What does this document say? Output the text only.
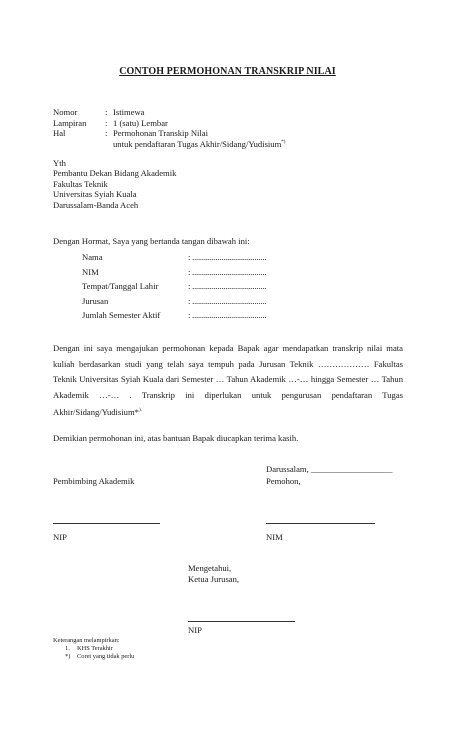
CONTOH PERMOHONAN TRANSKRIP NILAI
Nomor	: Istimewa
Lampiran	: 1 (satu) Lembar
Hal	: Permohonan Transkip Nilai
untuk pendaftaran Tugas Akhir/Sidang/Yudisium*)
Yth
Pembantu Dekan Bidang Akademik
Fakultas Teknik
Universitas Syiah Kuala
Darussalam-Banda Aceh
Dengan Hormat, Saya yang bertanda tangan dibawah ini:
Nama	: ......................................
NIM	: ......................................
Tempat/Tanggal Lahir	: ......................................
Jurusan	: ......................................
Jumlah Semester Aktif	: ......................................
Dengan ini saya mengajukan permohonan kepada Bapak agar mendapatkan transkrip nilai mata kuliah berdasarkan studi yang telah saya tempuh pada Jurusan Teknik ……………… Fakultas Teknik Universitas Syiah Kuala dari Semester … Tahun Akademik …-… hingga Semester … Tahun Akademik …-… . Transkrip ini diperlukan untuk pengurusan pendaftaran Tugas Akhir/Sidang/Yudisium*).
Demikian permohonan ini, atas bantuan Bapak diucapkan terima kasih.
Darussalam, ___________________
Pemohon,
Pembimbing Akademik
NIP	NIM
Mengetahui,
Ketua Jurusan,
NIP
Keterangan melampirkan:
1.	KHS Terakhir
*)	Coret yang tidak perlu
